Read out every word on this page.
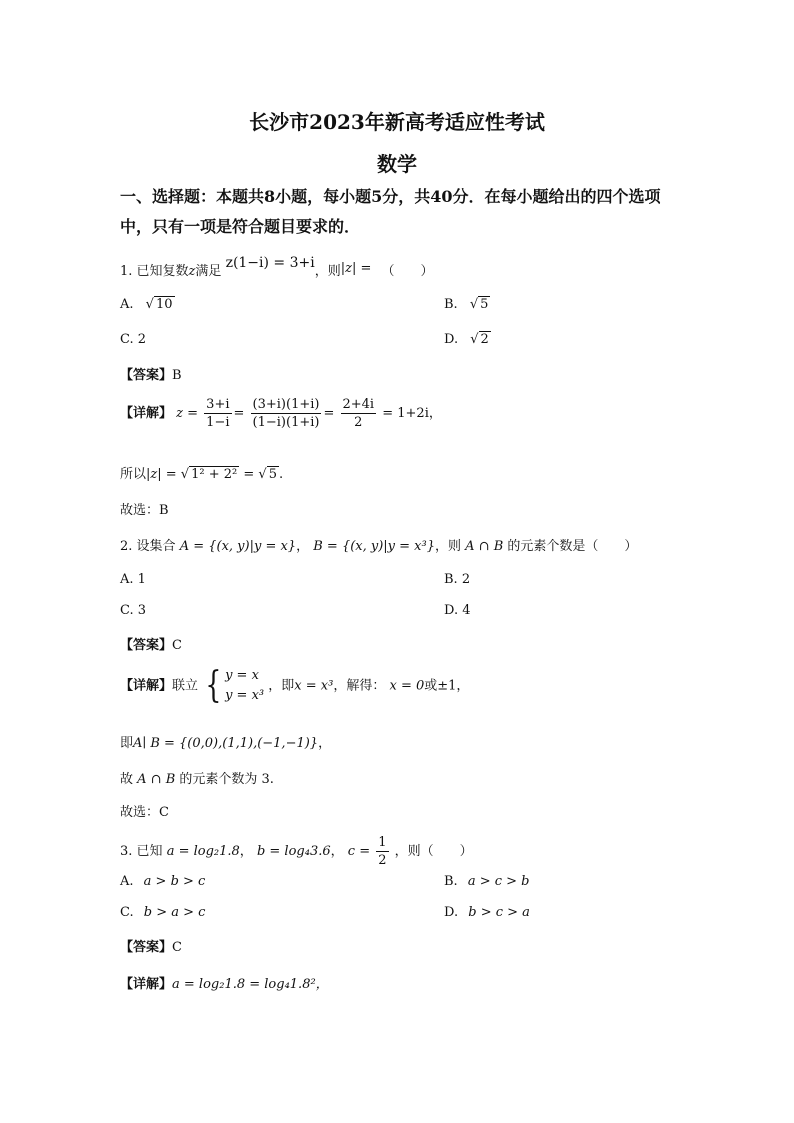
长沙市2023年新高考适应性考试
数学
一、选择题：本题共8小题，每小题5分，共40分．在每小题给出的四个选项
中，只有一项是符合题目要求的．
1. 已知复数z满足 z(1−i) = 3+i，则|z| = （　　）
A. √ 10	B. √ 5
C. 2	D. √ 2
【答案】B
【详解】 $z = \frac{3+i}{1-i} = \frac{(3+i)(1+i)}{(1-i)(1+i)} = \frac{2+4i}{2} = 1+2i$，
所以|z| = √ 1² + 2² = √ 5 .
故选：B
2. 设集合 A = {(x, y)|y = x}， B = {(x, y)|y = x³}，则 A ∩ B 的元素个数是（　　）
A. 1	B. 2
C. 3	D. 4
【答案】C
【详解】联立 { y = x
y = x³
，即x = x³，解得： x = 0或±1，
即A∣ B = {(0,0),(1,1),(−1,−1)}，
故 A ∩ B 的元素个数为 3.
故选：C
3. 已知 a = log₂1.8， b = log₄3.6， $c = \frac{1}{2}$ ，则（　　）
A. a > b > c	B. a > c > b
C. b > a > c	D. b > c > a
【答案】C
【详解】a = log₂1.8 = log₄1.8²，
